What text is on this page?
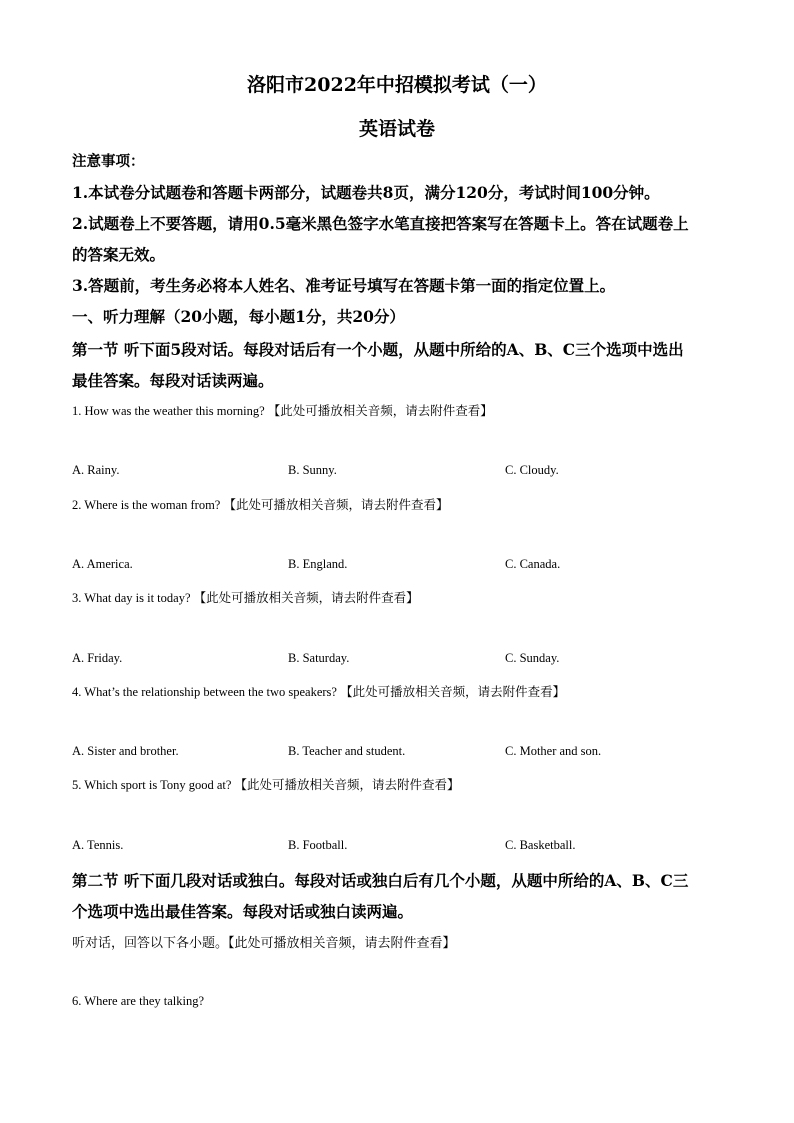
洛阳市2022年中招模拟考试（一）
英语试卷
注意事项：
1.本试卷分试题卷和答题卡两部分，试题卷共8页，满分120分，考试时间100分钟。
2.试题卷上不要答题，请用0.5毫米黑色签字水笔直接把答案写在答题卡上。答在试题卷上
的答案无效。
3.答题前，考生务必将本人姓名、准考证号填写在答题卡第一面的指定位置上。
一、听力理解（20小题，每小题1分，共20分）
第一节 听下面5段对话。每段对话后有一个小题，从题中所给的A、B、C三个选项中选出
最佳答案。每段对话读两遍。
1. How was the weather this morning? 【此处可播放相关音频，请去附件查看】
A. Rainy.	B. Sunny.	C. Cloudy.
2. Where is the woman from? 【此处可播放相关音频，请去附件查看】
A. America.	B. England.	C. Canada.
3. What day is it today? 【此处可播放相关音频，请去附件查看】
A. Friday.	B. Saturday.	C. Sunday.
4. What’s the relationship between the two speakers? 【此处可播放相关音频，请去附件查看】
A. Sister and brother.	B. Teacher and student.	C. Mother and son.
5. Which sport is Tony good at? 【此处可播放相关音频，请去附件查看】
A. Tennis.	B. Football.	C. Basketball.
第二节 听下面几段对话或独白。每段对话或独白后有几个小题，从题中所给的A、B、C三
个选项中选出最佳答案。每段对话或独白读两遍。
听对话，回答以下各小题。【此处可播放相关音频，请去附件查看】
6. Where are they talking?
